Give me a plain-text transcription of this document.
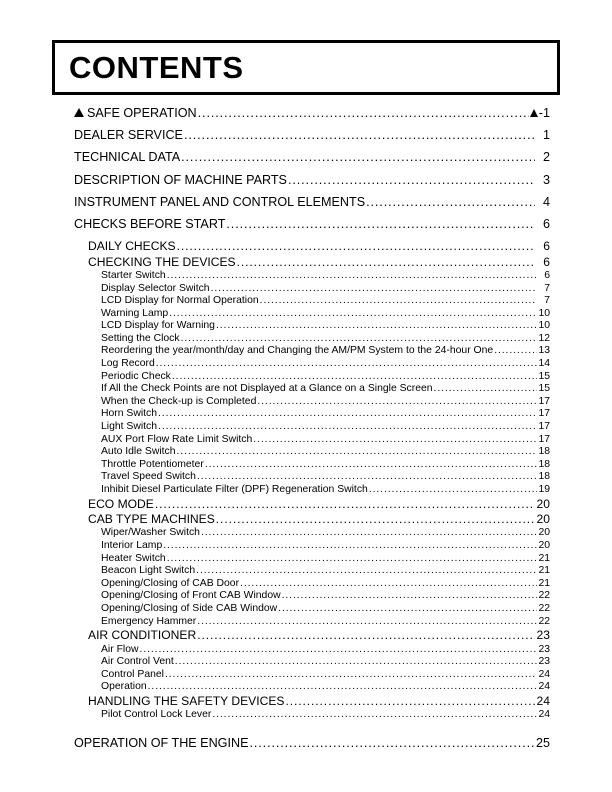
CONTENTS
SAFE OPERATION .....	-1
DEALER SERVICE .....	1
TECHNICAL DATA .....	2
DESCRIPTION OF MACHINE PARTS .....	3
INSTRUMENT PANEL AND CONTROL ELEMENTS .....	4
CHECKS BEFORE START .....	6
DAILY CHECKS .....	6
CHECKING THE DEVICES .....	6
Starter Switch .....	6
Display Selector Switch .....	7
LCD Display for Normal Operation .....	7
Warning Lamp .....	10
LCD Display for Warning .....	10
Setting the Clock .....	12
Reordering the year/month/day and Changing the AM/PM System to the 24-hour One .....	13
Log Record .....	14
Periodic Check .....	15
If All the Check Points are not Displayed at a Glance on a Single Screen .....	15
When the Check-up is Completed .....	17
Horn Switch .....	17
Light Switch .....	17
AUX Port Flow Rate Limit Switch .....	17
Auto Idle Switch .....	18
Throttle Potentiometer .....	18
Travel Speed Switch .....	18
Inhibit Diesel Particulate Filter (DPF) Regeneration Switch .....	19
ECO MODE .....	20
CAB TYPE MACHINES .....	20
Wiper/Washer Switch .....	20
Interior Lamp .....	20
Heater Switch .....	21
Beacon Light Switch .....	21
Opening/Closing of CAB Door .....	21
Opening/Closing of Front CAB Window .....	22
Opening/Closing of Side CAB Window .....	22
Emergency Hammer .....	22
AIR CONDITIONER .....	23
Air Flow .....	23
Air Control Vent .....	23
Control Panel .....	24
Operation .....	24
HANDLING THE SAFETY DEVICES .....	24
Pilot Control Lock Lever .....	24
OPERATION OF THE ENGINE .....	25
